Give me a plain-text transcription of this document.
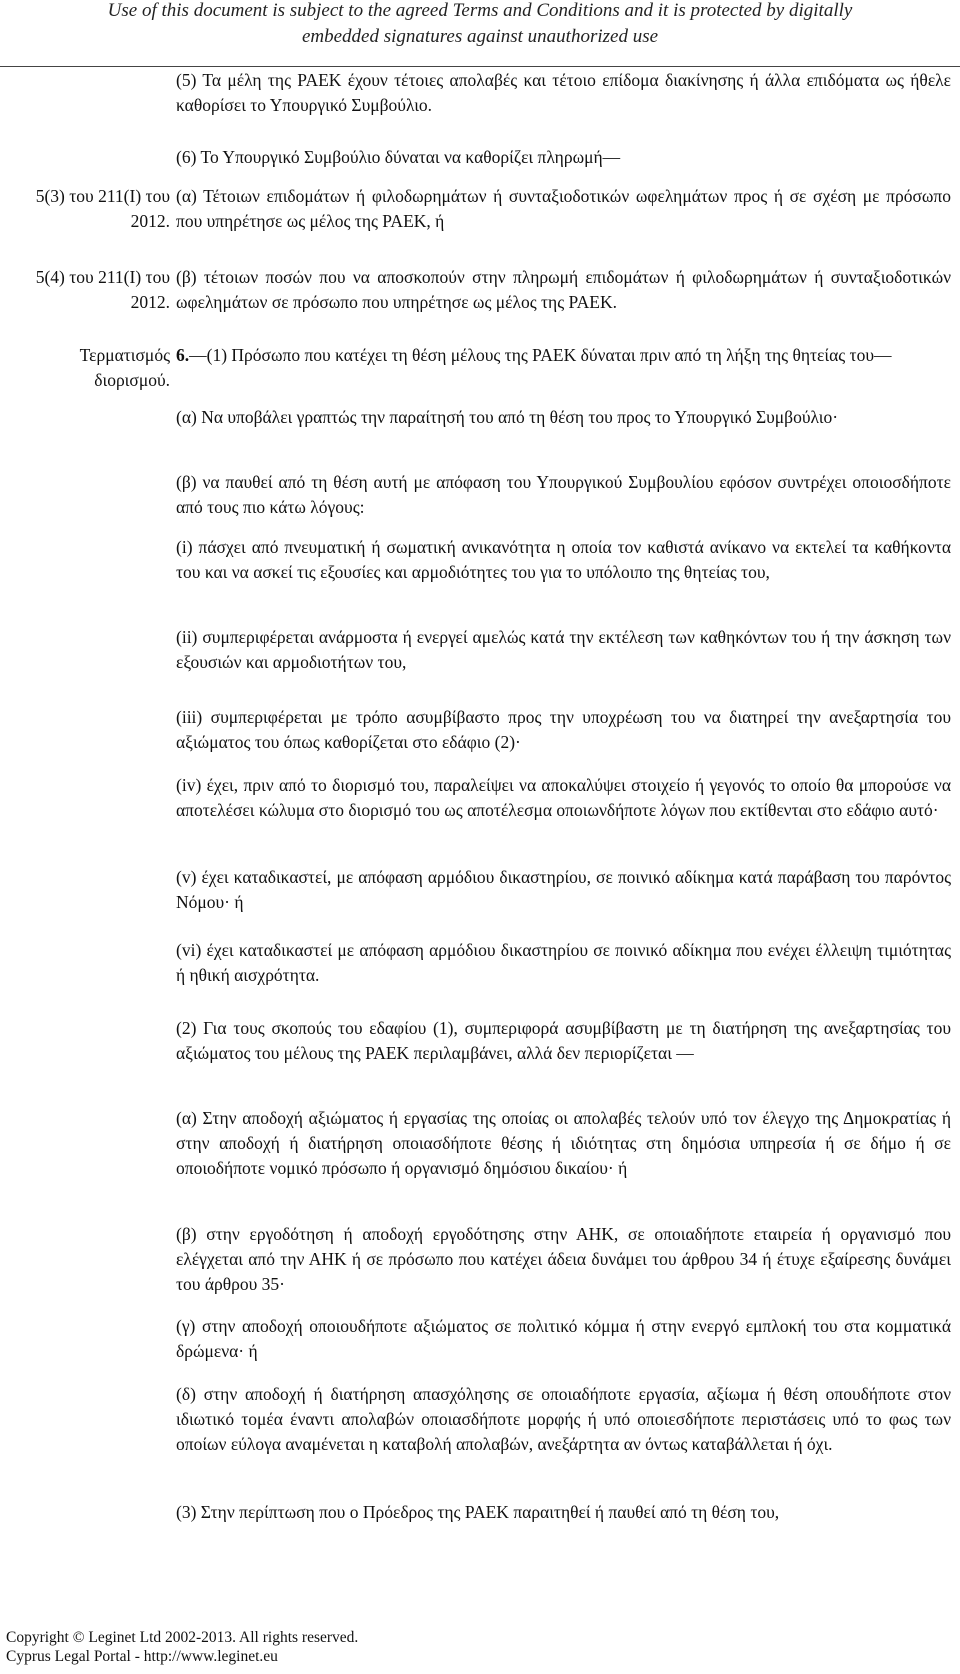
Use of this document is subject to the agreed Terms and Conditions and it is protected by digitally
embedded signatures against unauthorized use
5(3) του 211(Ι) του
2012.
5(4) του 211(Ι) του
2012.
Τερματισμός
διορισμού.
(5) Τα μέλη της ΡΑΕΚ έχουν τέτοιες απολαβές και τέτοιο επίδομα διακίνησης ή άλλα επιδόματα ως ήθελε καθορίσει το Υπουργικό Συμβούλιο.
(6) Το Υπουργικό Συμβούλιο δύναται να καθορίζει πληρωμή—
(α) Τέτοιων επιδομάτων ή φιλοδωρημάτων ή συνταξιοδοτικών ωφελημάτων προς ή σε σχέση με πρόσωπο που υπηρέτησε ως μέλος της ΡΑΕΚ, ή
(β) τέτοιων ποσών που να αποσκοπούν στην πληρωμή επιδομάτων ή φιλοδωρημάτων ή συνταξιοδοτικών ωφελημάτων σε πρόσωπο που υπηρέτησε ως μέλος της ΡΑΕΚ.
6.—(1) Πρόσωπο που κατέχει τη θέση μέλους της ΡΑΕΚ δύναται πριν από τη λήξη της θητείας του—
(α) Να υποβάλει γραπτώς την παραίτησή του από τη θέση του προς το Υπουργικό Συμβούλιο·
(β) να παυθεί από τη θέση αυτή με απόφαση του Υπουργικού Συμβουλίου εφόσον συντρέχει οποιοσδήποτε από τους πιο κάτω λόγους:
(i) πάσχει από πνευματική ή σωματική ανικανότητα η οποία τον καθιστά ανίκανο να εκτελεί τα καθήκοντα του και να ασκεί τις εξουσίες και αρμοδιότητες του για το υπόλοιπο της θητείας του,
(ii) συμπεριφέρεται ανάρμοστα ή ενεργεί αμελώς κατά την εκτέλεση των καθηκόντων του ή την άσκηση των εξουσιών και αρμοδιοτήτων του,
(iii) συμπεριφέρεται με τρόπο ασυμβίβαστο προς την υποχρέωση του να διατηρεί την ανεξαρτησία του αξιώματος του όπως καθορίζεται στο εδάφιο (2)·
(iv) έχει, πριν από το διορισμό του, παραλείψει να αποκαλύψει στοιχείο ή γεγονός το οποίο θα μπορούσε να αποτελέσει κώλυμα στο διορισμό του ως αποτέλεσμα οποιωνδήποτε λόγων που εκτίθενται στο εδάφιο αυτό·
(v) έχει καταδικαστεί, με απόφαση αρμόδιου δικαστηρίου, σε ποινικό αδίκημα κατά παράβαση του παρόντος Νόμου· ή
(vi) έχει καταδικαστεί με απόφαση αρμόδιου δικαστηρίου σε ποινικό αδίκημα που ενέχει έλλειψη τιμιότητας ή ηθική αισχρότητα.
(2) Για τους σκοπούς του εδαφίου (1), συμπεριφορά ασυμβίβαστη με τη διατήρηση της ανεξαρτησίας του αξιώματος του μέλους της ΡΑΕΚ περιλαμβάνει, αλλά δεν περιορίζεται —
(α) Στην αποδοχή αξιώματος ή εργασίας της οποίας οι απολαβές τελούν υπό τον έλεγχο της Δημοκρατίας ή στην αποδοχή ή διατήρηση οποιασδήποτε θέσης ή ιδιότητας στη δημόσια υπηρεσία ή σε δήμο ή σε οποιοδήποτε νομικό πρόσωπο ή οργανισμό δημόσιου δικαίου· ή
(β) στην εργοδότηση ή αποδοχή εργοδότησης στην ΑΗΚ, σε οποιαδήποτε εταιρεία ή οργανισμό που ελέγχεται από την ΑΗΚ ή σε πρόσωπο που κατέχει άδεια δυνάμει του άρθρου 34 ή έτυχε εξαίρεσης δυνάμει του άρθρου 35·
(γ) στην αποδοχή οποιουδήποτε αξιώματος σε πολιτικό κόμμα ή στην ενεργό εμπλοκή του στα κομματικά δρώμενα· ή
(δ) στην αποδοχή ή διατήρηση απασχόλησης σε οποιαδήποτε εργασία, αξίωμα ή θέση οπουδήποτε στον ιδιωτικό τομέα έναντι απολαβών οποιασδήποτε μορφής ή υπό οποιεσδήποτε περιστάσεις υπό το φως των οποίων εύλογα αναμένεται η καταβολή απολαβών, ανεξάρτητα αν όντως καταβάλλεται ή όχι.
(3) Στην περίπτωση που ο Πρόεδρος της ΡΑΕΚ παραιτηθεί ή παυθεί από τη θέση του,
Copyright © Leginet Ltd 2002-2013. All rights reserved.
Cyprus Legal Portal - http://www.leginet.eu
